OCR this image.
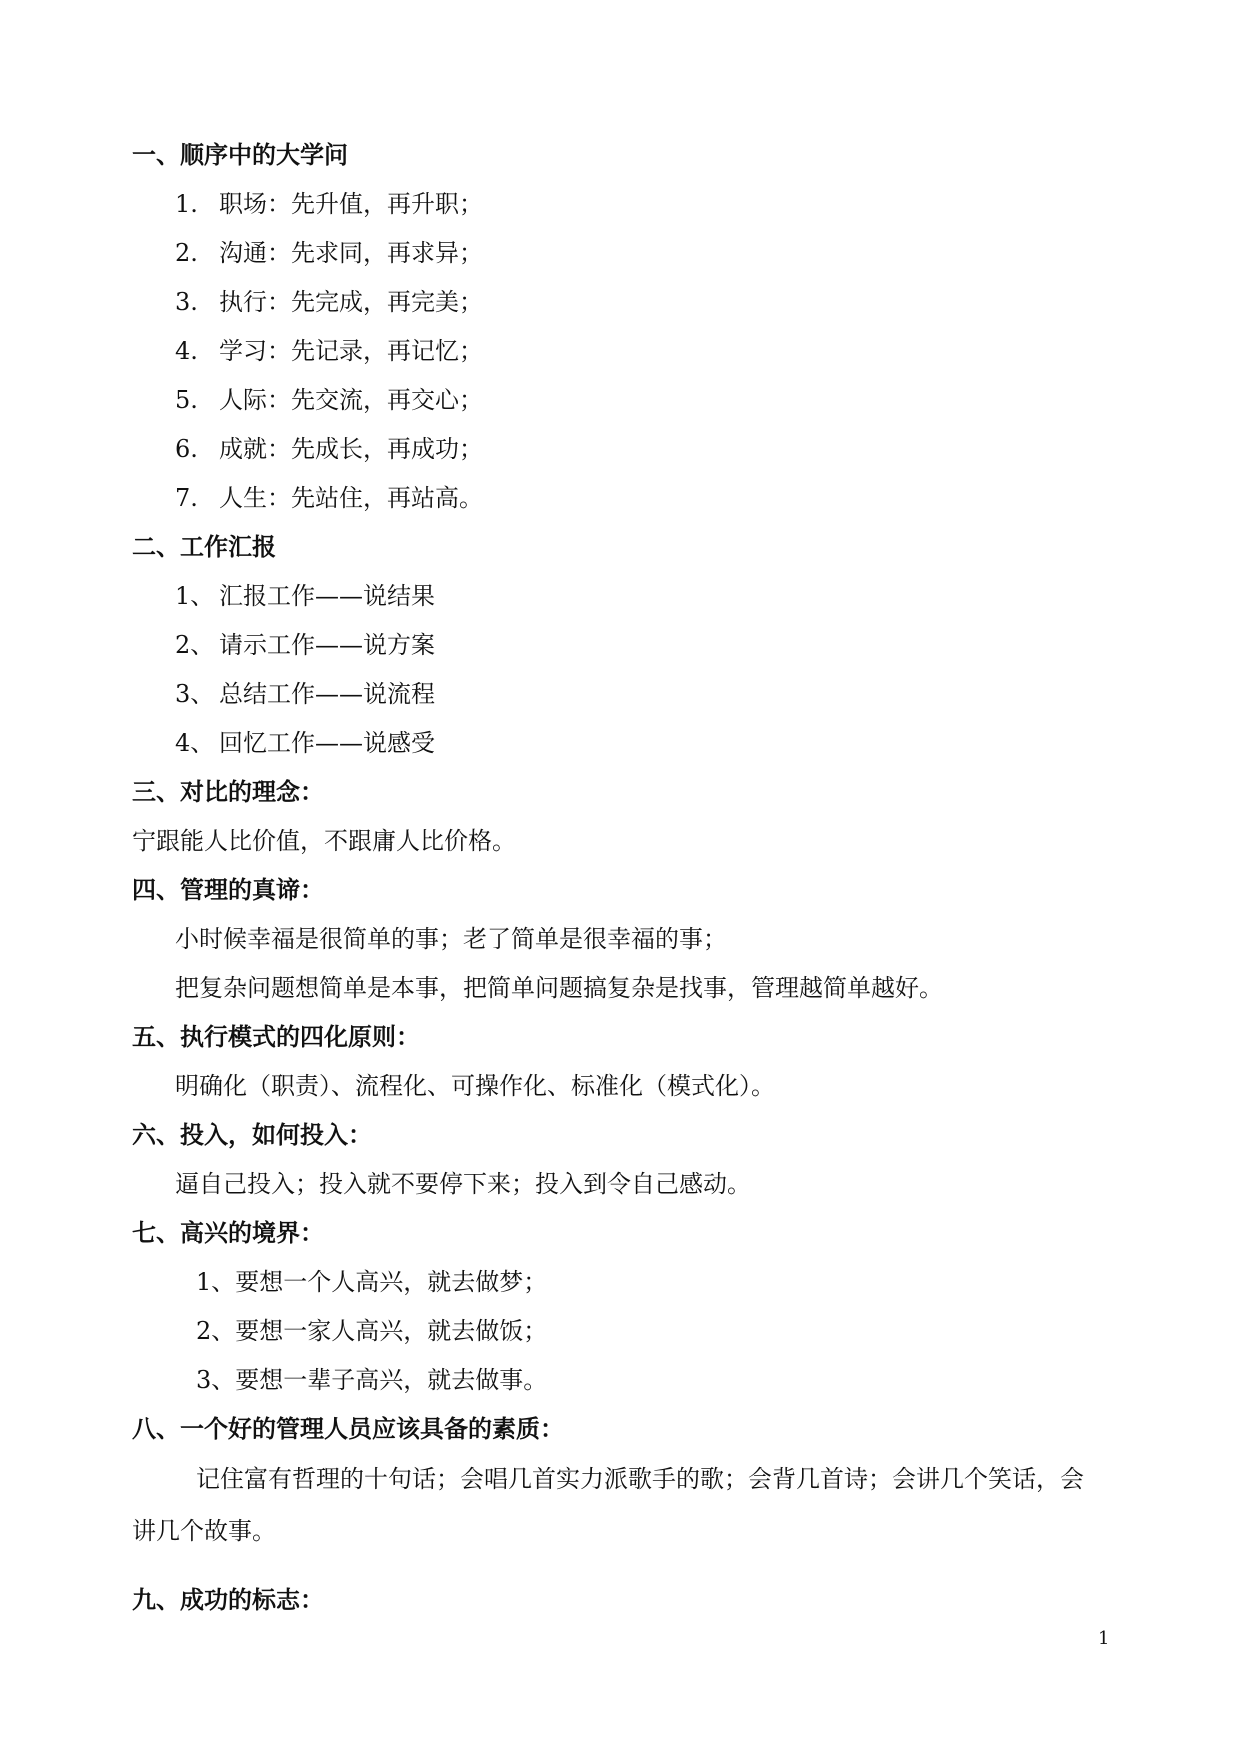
一、顺序中的大学问
1. 职场：先升值，再升职；
2. 沟通：先求同，再求异；
3. 执行：先完成，再完美；
4. 学习：先记录，再记忆；
5. 人际：先交流，再交心；
6. 成就：先成长，再成功；
7. 人生：先站住，再站高。
二、工作汇报
1、 汇报工作——说结果
2、 请示工作——说方案
3、 总结工作——说流程
4、 回忆工作——说感受
三、对比的理念：
宁跟能人比价值，不跟庸人比价格。
四、管理的真谛：
小时候幸福是很简单的事；老了简单是很幸福的事；
把复杂问题想简单是本事，把简单问题搞复杂是找事，管理越简单越好。
五、执行模式的四化原则：
明确化（职责）、流程化、可操作化、标准化（模式化）。
六、投入，如何投入：
逼自己投入；投入就不要停下来；投入到令自己感动。
七、高兴的境界：
1、要想一个人高兴，就去做梦；
2、要想一家人高兴，就去做饭；
3、要想一辈子高兴，就去做事。
八、一个好的管理人员应该具备的素质：
记住富有哲理的十句话；会唱几首实力派歌手的歌；会背几首诗；会讲几个笑话，会
讲几个故事。
九、成功的标志：
1
